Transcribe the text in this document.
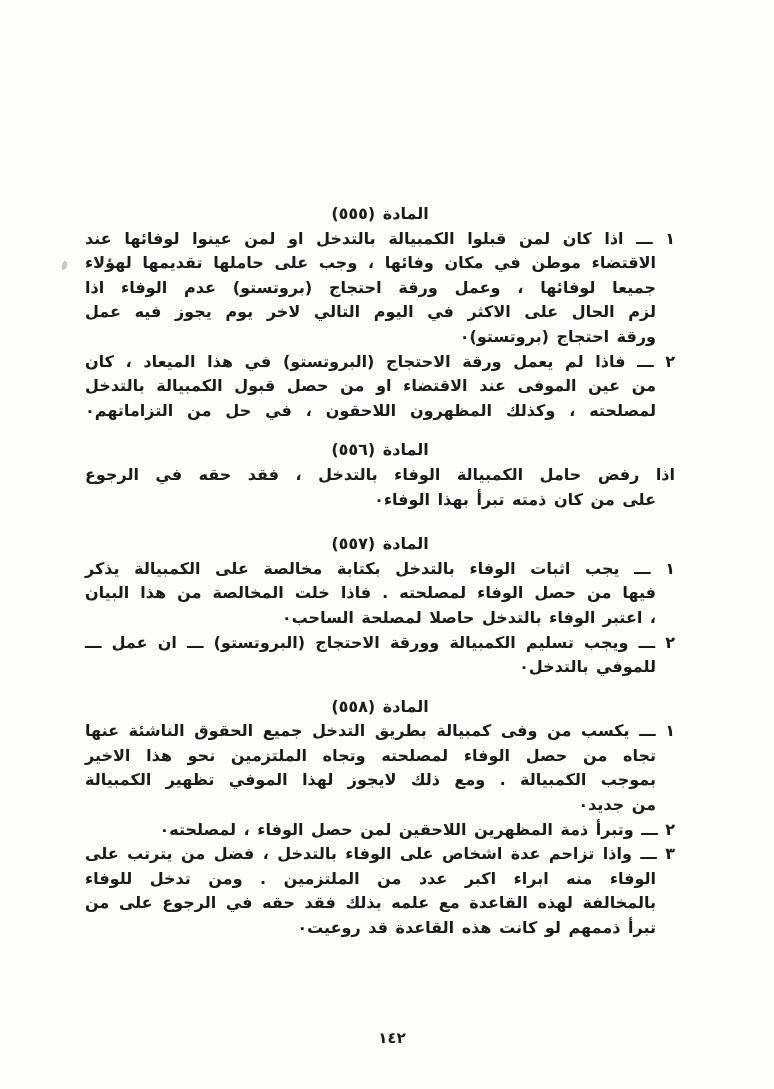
المادة (٥٥٥)
١ ـــ اذا كان لمن قبلوا الكمبيالة بالتدخل او لمن عينوا لوفائها عند
الاقتضاء موطن في مكان وفائها ، وجب على حاملها تقديمها لهؤلاء
جميعا لوفائها ، وعمل ورقة احتجاج (بروتستو) عدم الوفاء اذا
لزم الحال على الاكثر في اليوم التالي لاخر يوم يجوز فيه عمل
ورقة احتجاج (بروتستو)٠
٢ ـــ فاذا لم يعمل ورقة الاحتجاج (البروتستو) في هذا الميعاد ، كان
من عين الموفى عند الاقتضاء او من حصل قبول الكمبيالة بالتدخل
لمصلحته ، وكذلك المظهرون اللاحقون ، في حل من التزاماتهم٠
المادة (٥٥٦)
اذا رفض حامل الكمبيالة الوفاء بالتدخل ، فقد حقه في الرجوع
على من كان ذمته تبرأ بهذا الوفاء٠
المادة (٥٥٧)
١ ـــ يجب اثبات الوفاء بالتدخل بكتابة مخالصة على الكمبيالة يذكر
فيها من حصل الوفاء لمصلحته . فاذا خلت المخالصة من هذا البيان
، اعتبر الوفاء بالتدخل حاصلا لمصلحة الساحب٠
٢ ـــ ويجب تسليم الكمبيالة وورقة الاحتجاج (البروتستو) ـــ ان عمل ـــ
للموفي بالتدخل٠
المادة (٥٥٨)
١ ـــ يكسب من وفى كمبيالة بطريق التدخل جميع الحقوق الناشئة عنها
تجاه من حصل الوفاء لمصلحته وتجاه الملتزمين نحو هذا الاخير
بموجب الكمبيالة . ومع ذلك لايجوز لهذا الموفي تظهير الكمبيالة
من جديد٠
٢ ـــ وتبرأ ذمة المظهرين اللاحقين لمن حصل الوفاء ، لمصلحته٠
٣ ـــ واذا تزاحم عدة اشخاص على الوفاء بالتدخل ، فضل من يترتب على
الوفاء منه ابراء اكبر عدد من الملتزمين . ومن تدخل للوفاء
بالمخالفة لهذه القاعدة مع علمه بذلك فقد حقه في الرجوع على من
تبرأ ذممهم لو كانت هذه القاعدة قد روعيت٠
١٤٢
